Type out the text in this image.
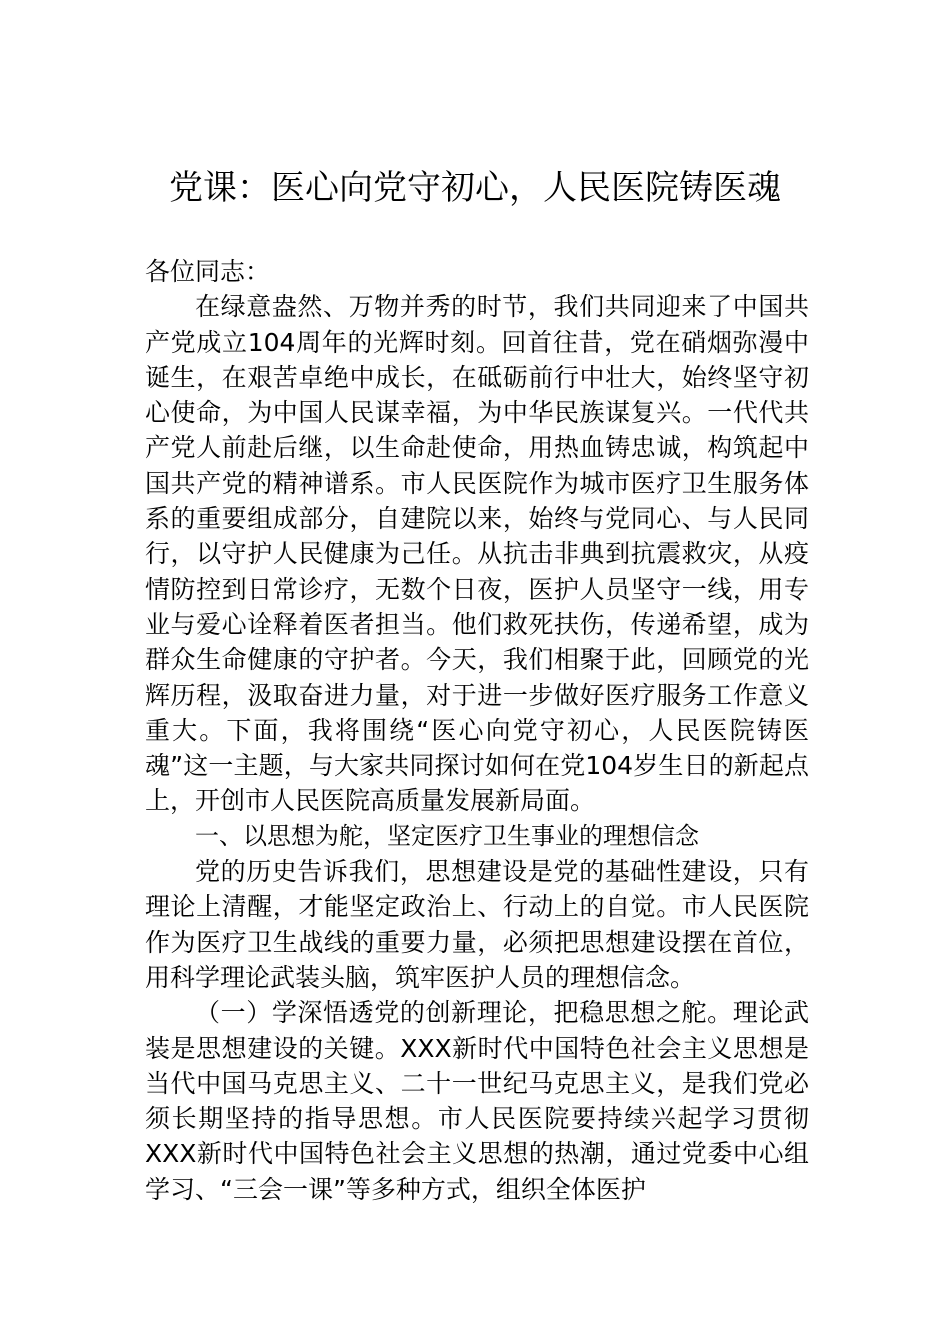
党课：医心向党守初心，人民医院铸医魂

各位同志：

在绿意盎然、万物并秀的时节，我们共同迎来了中国共产党成立104周年的光辉时刻。回首往昔，党在硝烟弥漫中诞生，在艰苦卓绝中成长，在砥砺前行中壮大，始终坚守初心使命，为中国人民谋幸福，为中华民族谋复兴。一代代共产党人前赴后继，以生命赴使命，用热血铸忠诚，构筑起中国共产党的精神谱系。市人民医院作为城市医疗卫生服务体系的重要组成部分，自建院以来，始终与党同心、与人民同行，以守护人民健康为己任。从抗击非典到抗震救灾，从疫情防控到日常诊疗，无数个日夜，医护人员坚守一线，用专业与爱心诠释着医者担当。他们救死扶伤，传递希望，成为群众生命健康的守护者。今天，我们相聚于此，回顾党的光辉历程，汲取奋进力量，对于进一步做好医疗服务工作意义重大。下面，我将围绕“医心向党守初心，人民医院铸医魂”这一主题，与大家共同探讨如何在党104岁生日的新起点上，开创市人民医院高质量发展新局面。

一、以思想为舵，坚定医疗卫生事业的理想信念

党的历史告诉我们，思想建设是党的基础性建设，只有理论上清醒，才能坚定政治上、行动上的自觉。市人民医院作为医疗卫生战线的重要力量，必须把思想建设摆在首位，用科学理论武装头脑，筑牢医护人员的理想信念。

（一）学深悟透党的创新理论，把稳思想之舵。理论武装是思想建设的关键。XXX新时代中国特色社会主义思想是当代中国马克思主义、二十一世纪马克思主义，是我们党必须长期坚持的指导思想。市人民医院要持续兴起学习贯彻XXX新时代中国特色社会主义思想的热潮，通过党委中心组学习、“三会一课”等多种方式，组织全体医护
